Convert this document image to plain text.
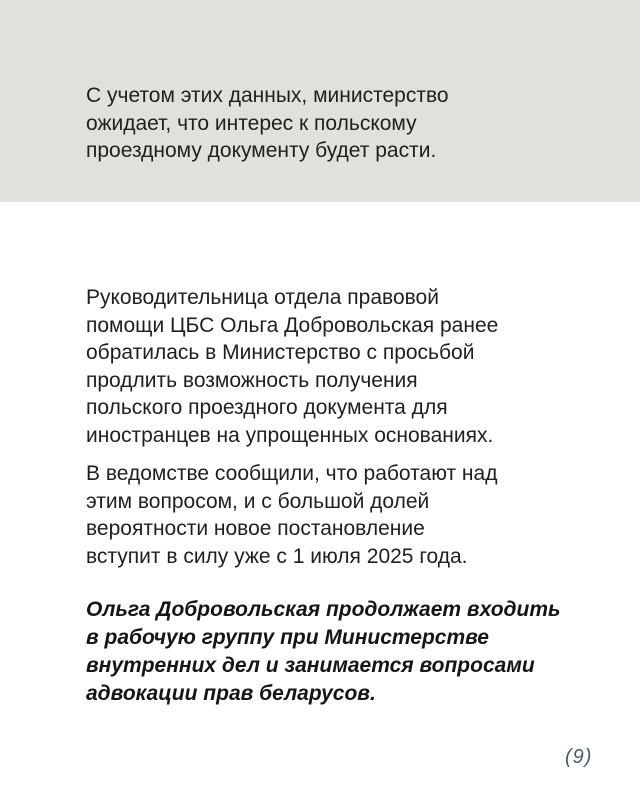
С учетом этих данных, министерство
ожидает, что интерес к польскому
проездному документу будет расти.

Руководительница отдела правовой
помощи ЦБС Ольга Добровольская ранее
обратилась в Министерство с просьбой
продлить возможность получения
польского проездного документа для
иностранцев на упрощенных основаниях.

В ведомстве сообщили, что работают над
этим вопросом, и с большой долей
вероятности новое постановление
вступит в силу уже с 1 июля 2025 года.

Ольга Добровольская продолжает входить
в рабочую группу при Министерстве
внутренних дел и занимается вопросами
адвокации прав беларусов.

(9)
